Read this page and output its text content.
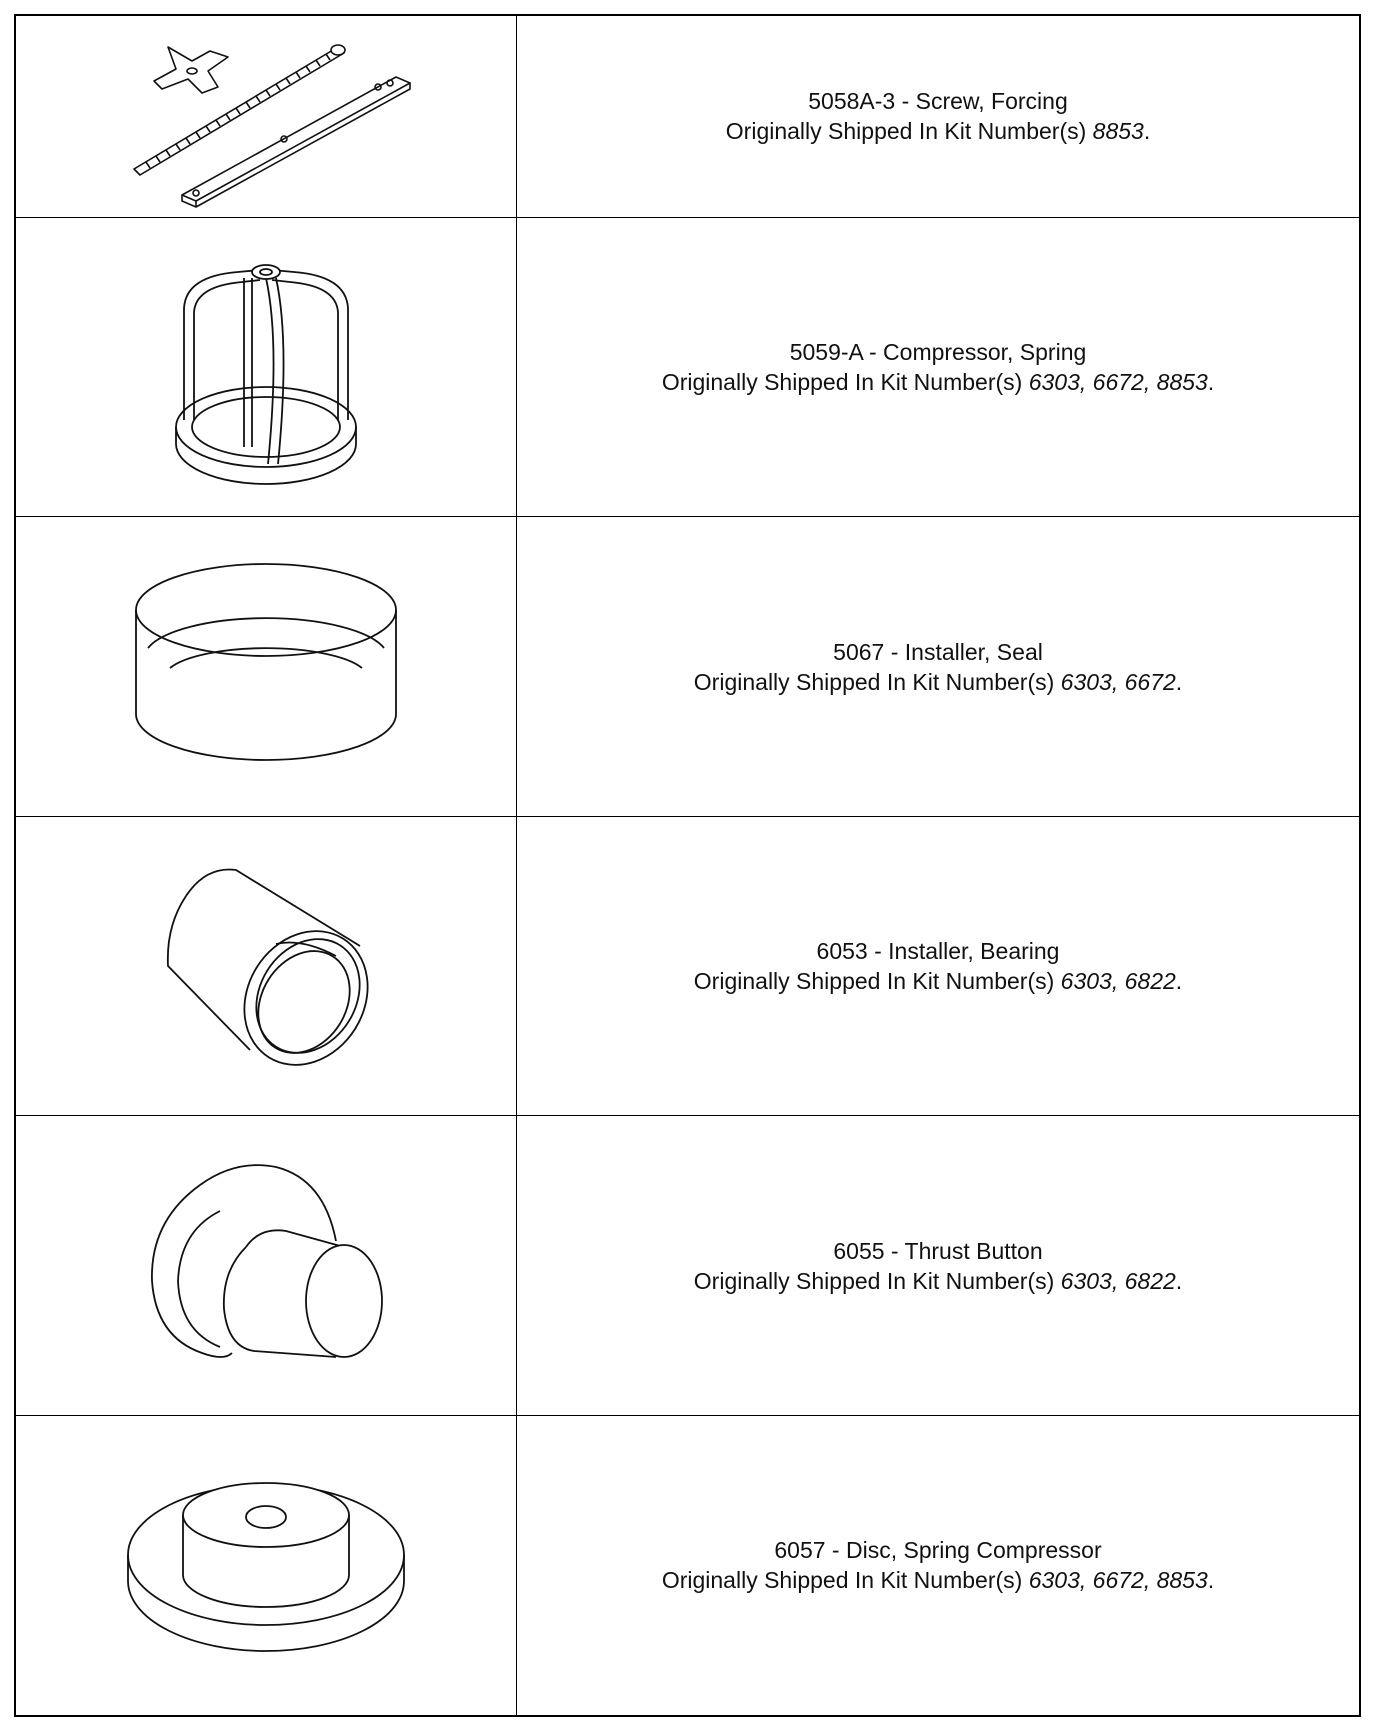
5058A-3 - Screw, Forcing
Originally Shipped In Kit Number(s) 8853.

5059-A - Compressor, Spring
Originally Shipped In Kit Number(s) 6303, 6672, 8853.

5067 - Installer, Seal
Originally Shipped In Kit Number(s) 6303, 6672.

6053 - Installer, Bearing
Originally Shipped In Kit Number(s) 6303, 6822.

6055 - Thrust Button
Originally Shipped In Kit Number(s) 6303, 6822.

6057 - Disc, Spring Compressor
Originally Shipped In Kit Number(s) 6303, 6672, 8853.
